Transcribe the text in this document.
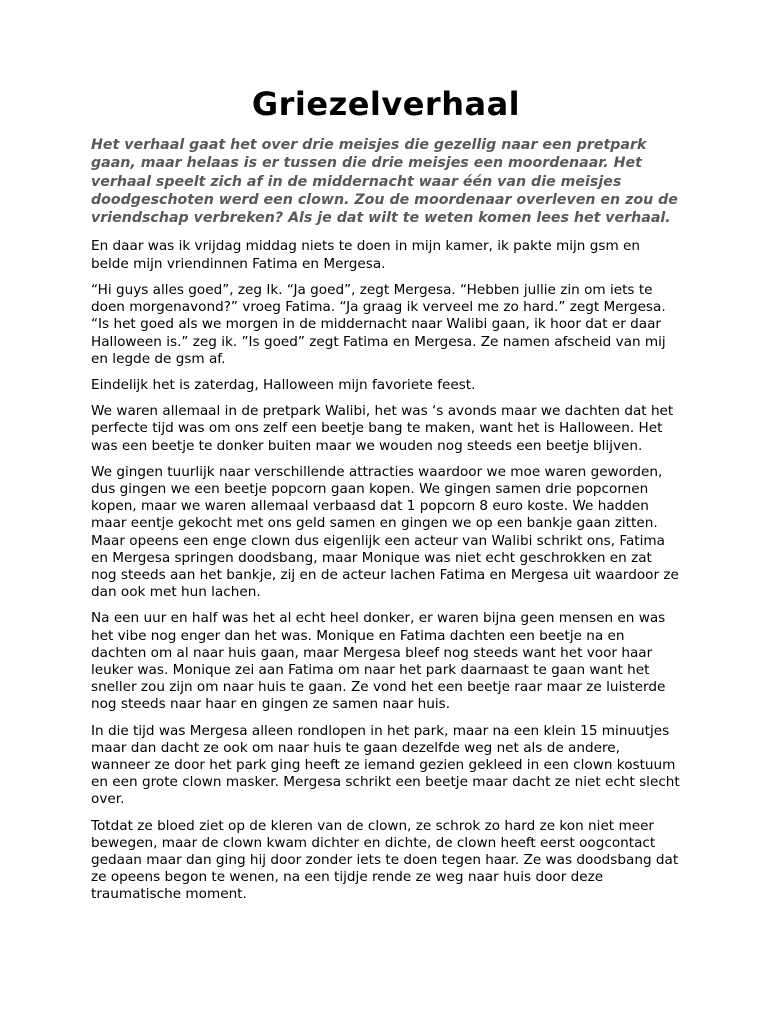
Griezelverhaal

Het verhaal gaat het over drie meisjes die gezellig naar een pretpark gaan, maar helaas is er tussen die drie meisjes een moordenaar. Het verhaal speelt zich af in de middernacht waar één van die meisjes doodgeschoten werd een clown. Zou de moordenaar overleven en zou de vriendschap verbreken? Als je dat wilt te weten komen lees het verhaal.

En daar was ik vrijdag middag niets te doen in mijn kamer, ik pakte mijn gsm en belde mijn vriendinnen Fatima en Mergesa.

“Hi guys alles goed”, zeg Ik. “Ja goed”, zegt Mergesa. “Hebben jullie zin om iets te doen morgenavond?” vroeg Fatima. “Ja graag ik verveel me zo hard.” zegt Mergesa. “Is het goed als we morgen in de middernacht naar Walibi gaan, ik hoor dat er daar Halloween is.” zeg ik. ”Is goed” zegt Fatima en Mergesa. Ze namen afscheid van mij en legde de gsm af.

Eindelijk het is zaterdag, Halloween mijn favoriete feest.

We waren allemaal in de pretpark Walibi, het was ‘s avonds maar we dachten dat het perfecte tijd was om ons zelf een beetje bang te maken, want het is Halloween. Het was een beetje te donker buiten maar we wouden nog steeds een beetje blijven.

We gingen tuurlijk naar verschillende attracties waardoor we moe waren geworden, dus gingen we een beetje popcorn gaan kopen. We gingen samen drie popcornen kopen, maar we waren allemaal verbaasd dat 1 popcorn 8 euro koste. We hadden maar eentje gekocht met ons geld samen en gingen we op een bankje gaan zitten. Maar opeens een enge clown dus eigenlijk een acteur van Walibi schrikt ons, Fatima en Mergesa springen doodsbang, maar Monique was niet echt geschrokken en zat nog steeds aan het bankje, zij en de acteur lachen Fatima en Mergesa uit waardoor ze dan ook met hun lachen.

Na een uur en half was het al echt heel donker, er waren bijna geen mensen en was het vibe nog enger dan het was. Monique en Fatima dachten een beetje na en dachten om al naar huis gaan, maar Mergesa bleef nog steeds want het voor haar leuker was. Monique zei aan Fatima om naar het park daarnaast te gaan want het sneller zou zijn om naar huis te gaan. Ze vond het een beetje raar maar ze luisterde nog steeds naar haar en gingen ze samen naar huis.

In die tijd was Mergesa alleen rondlopen in het park, maar na een klein 15 minuutjes maar dan dacht ze ook om naar huis te gaan dezelfde weg net als de andere, wanneer ze door het park ging heeft ze iemand gezien gekleed in een clown kostuum en een grote clown masker. Mergesa schrikt een beetje maar dacht ze niet echt slecht over.

Totdat ze bloed ziet op de kleren van de clown, ze schrok zo hard ze kon niet meer bewegen, maar de clown kwam dichter en dichte, de clown heeft eerst oogcontact gedaan maar dan ging hij door zonder iets te doen tegen haar. Ze was doodsbang dat ze opeens begon te wenen, na een tijdje rende ze weg naar huis door deze traumatische moment.
